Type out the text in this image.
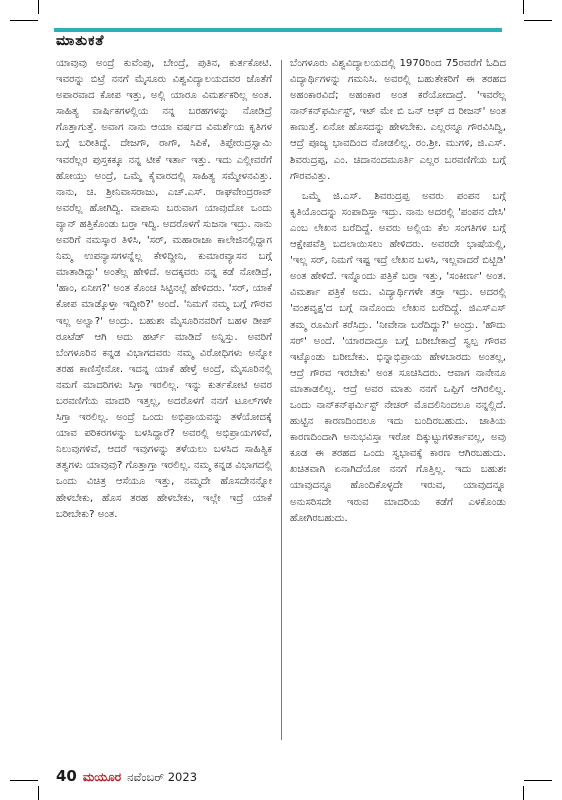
ಮಾತುಕತೆ

ಯಾವುವು ಅಂದ್ರೆ ಕುವೆಂಪು, ಬೇಂದ್ರೆ, ಪುತಿನ, ಕುರ್ತಕೋಟಿ. ಇವರನ್ನು ಬಿಟ್ರೆ ನನಗೆ ಮೈಸೂರು ವಿಶ್ವವಿದ್ಯಾಲಯದವರ ಜೊತೆಗೆ ಅಪಾರವಾದ ಕೋಪ ಇತ್ತು, ಅಲ್ಲಿ ಯಾರೂ ವಿಮರ್ಶಕರಿಲ್ಲ ಅಂತ. ಸಾಹಿತ್ಯ ವಾರ್ಷಿಕಗಳಲ್ಲಿಯ ನನ್ನ ಬರಹಗಳನ್ನು ನೋಡಿದ್ರೆ ಗೊತ್ತಾಗುತ್ತೆ. ಅವಾಗ ನಾನು ಆಯಾ ವರ್ಷದ ವಿಮರ್ಶೆಯ ಕೃತಿಗಳ ಬಗ್ಗೆ ಬರೀತಿದ್ದೆ. ದೇಜಗೌ, ರಾಗೌ, ಸಿಪಿಕೆ, ತಿಪ್ಪೇರುದ್ರಸ್ವಾಮಿ ಇವರೆಲ್ಲರ ಪುಸ್ತಕಕ್ಕೂ ನನ್ನ ಟೀಕೆ ಇರ್ತಾ ಇತ್ತು. ಇದು ಎಲ್ಲೀವರೆಗೆ ಹೋಯ್ತು ಅಂದ್ರೆ, ಒಮ್ಮೆ ಕೈವಾರದಲ್ಲಿ ಸಾಹಿತ್ಯ ಸಮ್ಮೇಳನವಿತ್ತು. ನಾನು, ಚಿ. ಶ್ರೀನಿವಾಸರಾಜು, ಎಚ್.ಎಸ್. ರಾಘವೇಂದ್ರರಾವ್ ಅವರೆಲ್ಲ ಹೋಗಿದ್ವಿ. ವಾಪಾಸು ಬರುವಾಗ ಯಾವುದೋ ಒಂದು ವ್ಯಾನ್ ಹತ್ತಿಕೊಂಡು ಬರ್‍ತಾ ಇದ್ವಿ. ಅದರೊಳಗೆ ಸುಜನಾ ಇದ್ರು. ನಾನು ಅವರಿಗೆ ನಮಸ್ಕಾರ ತಿಳಿಸಿ, 'ಸರ್, ಮಹಾರಾಜಾ ಕಾಲೇಜಿನಲ್ಲಿದ್ದಾಗ ನಿಮ್ಮ ಉಪನ್ಯಾಸಗಳನ್ನೆಲ್ಲ ಕೇಳಿದ್ದೀನಿ, ಕುಮಾರವ್ಯಾಸನ ಬಗ್ಗೆ ಮಾತಾಡಿದ್ದು' ಅಂತೆಲ್ಲ ಹೇಳಿದೆ. ಅದಕ್ಕವರು ನನ್ನ ಕಡೆ ನೋಡಿದ್ರೆ, 'ಹಾಂ, ಏನೀಗ?' ಅಂತ ಕೊಂಚ ಸಿಟ್ಟಿನಲ್ಲೆ ಹೇಳಿದರು. 'ಸರ್, ಯಾಕೆ ಕೋಪ ಮಾಡ್ಕೊಳ್ತಾ ಇದ್ದೀರಿ?' ಅಂದೆ. 'ನಿಮಗೆ ನಮ್ಮ ಬಗ್ಗೆ ಗೌರವ ಇಲ್ಲ ಅಲ್ವಾ?' ಅಂದ್ರು. ಬಹುಶಃ ಮೈಸೂರಿನವರಿಗೆ ಬಹಳ ಡೀಪ್ ರೂಟೆಡ್ ಆಗಿ ಅದು ಹರ್ಟ್ ಮಾಡಿದೆ ಅನ್ನಿಸ್ತು. ಅವರಿಗೆ ಬೆಂಗಳೂರಿನ ಕನ್ನಡ ವಿಭಾಗದವರು ನಮ್ಮ ವಿರೋಧಿಗಳು ಅನ್ನೋ ತರಹ ಕಾಣಿಸ್ತೇನೋ. ಇದನ್ನ ಯಾಕೆ ಹೇಳ್ತೆ ಅಂದ್ರೆ, ಮೈಸೂರಿನಲ್ಲಿ ನಮಗೆ ಮಾದರಿಗಳು ಸಿಗ್ತಾ ಇರಲಿಲ್ಲ. ಇನ್ನು ಕುರ್ತಕೋಟಿ ಅವರ ಬರವಣಿಗೆಯ ಮಾದರಿ ಇತ್ತಲ್ಲ, ಅದರೊಳಗೆ ನನಗೆ ಟೂಲ್‌ಗಳೇ ಸಿಗ್ತಾ ಇರಲಿಲ್ಲ. ಅಂದ್ರೆ ಒಂದು ಅಭಿಪ್ರಾಯವನ್ನು ತಳೆಯೋದಕ್ಕೆ ಯಾವ ಪರಿಕರಗಳನ್ನು ಬಳಸಿದ್ದಾರೆ? ಅವರಲ್ಲಿ ಅಭಿಪ್ರಾಯಗಳಿವೆ, ನಿಲುವುಗಳಿವೆ, ಆದರೆ ಇವುಗಳನ್ನು ತಳೆಯಲು ಬಳಸಿದ ಸಾಹಿತ್ಯಿಕ ತತ್ವಗಳು ಯಾವುವು? ಗೊತ್ತಾಗ್ತಾ ಇರಲಿಲ್ಲ. ನಮ್ಮ ಕನ್ನಡ ವಿಭಾಗದಲ್ಲಿ ಒಂದು ವಿಚಿತ್ರ ಆಸೆಯೂ ಇತ್ತು, ನಮ್ಮದೇ ಹೊಸದೇನನ್ನೋ ಹೇಳಬೇಕು, ಹೊಸ ತರಹ ಹೇಳಬೇಕು, ಇಲ್ಲೇ ಇದ್ರೆ ಯಾಕೆ ಬರೀಬೇಕು? ಅಂತ.

ಬೆಂಗಳೂರು ವಿಶ್ವವಿದ್ಯಾಲಯದಲ್ಲಿ 1970ರಿಂದ 75ರವರೆಗೆ ಓದಿದ ವಿದ್ಯಾರ್ಥಿಗಳನ್ನು ಗಮನಿಸಿ. ಅವರಲ್ಲಿ ಬಹುತೇಕರಿಗೆ ಈ ತರಹದ ಅಹಂಕಾರವಿದೆ; ಅಹಂಕಾರ ಅಂತ ಕರೆಯೋದಾದ್ರೆ. 'ಇವರೆಲ್ಲ ನಾನ್‌ಕನ್‌ಫರ್ಮಿಸ್ಟ್, ಇಟ್ ಮೇ ಬಿ ಒನ್ ಆಫ್ ದ ರೀಜನ್' ಅಂತ ಕಾಣುತ್ತೆ. ಏನೋ ಹೊಸದನ್ನು ಹೇಳಬೇಕು. ಎಲ್ಲರನ್ನೂ ಗೌರವಿಸಿದ್ವಿ, ಆದ್ರೆ ಪೂಜ್ಯ ಭಾವದಿಂದ ನೋಡಲಿಲ್ಲ. ರಂ.ಶ್ರೀ. ಮುಗಳಿ, ಜಿ.ಎಸ್. ಶಿವರುದ್ರಪ್ಪ, ಎಂ. ಚಿದಾನಂದಮೂರ್ತಿ ಎಲ್ಲರ ಬರವಣಿಗೆಯ ಬಗ್ಗೆ ಗೌರವವಿತ್ತು.

ಒಮ್ಮೆ ಜಿ.ಎಸ್. ಶಿವರುದ್ರಪ್ಪ ಅವರು ಪಂಪನ ಬಗ್ಗೆ ಕೃತಿಯೊಂದನ್ನು ಸಂಪಾದಿಸ್ತಾ ಇದ್ರು. ನಾನು ಅದರಲ್ಲಿ 'ಪಂಪನ ದೇಸಿ' ಎಂಬ ಲೇಖನ ಬರೆದಿದ್ದೆ. ಅವರು ಅಲ್ಲಿಯ ಕೆಲ ಸಂಗತಿಗಳ ಬಗ್ಗೆ ಆಕ್ಷೇಪವೆತ್ತಿ ಬದಲಾಯಿಸಲು ಹೇಳಿದರು. ಅವರದೇ ಭಾಷೆಯಲ್ಲಿ, 'ಇಲ್ಲ ಸರ್, ನಿಮಗೆ ಇಷ್ಟ ಇದ್ರೆ ಲೇಖನ ಬಳಸಿ, ಇಲ್ಲವಾದರೆ ಬಿಟ್ಬಿಡಿ' ಅಂತ ಹೇಳಿದೆ. ಇನ್ನೊಂದು ಪತ್ರಿಕೆ ಬರ್‍ತಾ ಇತ್ತು, 'ಸಂಕೀರ್ಣ' ಅಂತ. ವಿಮರ್ಶಾ ಪತ್ರಿಕೆ ಅದು. ವಿದ್ಯಾರ್ಥಿಗಳೇ ತರ್‍ತಾ ಇದ್ರು. ಅದರಲ್ಲಿ 'ವಂಶವೃಕ್ಷ'ದ ಬಗ್ಗೆ ನಾನೊಂದು ಲೇಖನ ಬರೆದಿದ್ದೆ. ಜಿಎಸ್‌ಎಸ್ ತಮ್ಮ ರೂಮಿಗೆ ಕರೆಸಿದ್ರು. 'ನೀವೇನಾ ಬರೆದಿದ್ದು?' ಅಂದ್ರು. 'ಹೌದು ಸರ್' ಅಂದೆ. 'ಯಾರದಾದ್ರೂ ಬಗ್ಗೆ ಬರೀಬೇಕಾದ್ರೆ ಸ್ವಲ್ಪ ಗೌರವ ಇಟ್ಕೊಂಡು ಬರೀಬೇಕು. ಭಿನ್ನಾಭಿಪ್ರಾಯ ಹೇಳಬಾರದು ಅಂತಲ್ಲ, ಆದ್ರೆ ಗೌರವ ಇರಬೇಕು' ಅಂತ ಸೂಚಿಸಿದರು. ಆವಾಗ ನಾನೇನೂ ಮಾತಾಡಲಿಲ್ಲ. ಆದ್ರೆ ಅವರ ಮಾತು ನನಗೆ ಒಪ್ಪಿಗೆ ಆಗಿರಲಿಲ್ಲ. ಒಂದು ನಾನ್‌ಕನ್‌ಫರ್ಮಿಸ್ಟ್ ನೇಚರ್ ಮೊದಲಿನಿಂದಲೂ ನನ್ನಲ್ಲಿದೆ. ಹುಟ್ಟಿನ ಕಾರಣದಿಂದಲೂ ಇದು ಬಂದಿರಬಹುದು. ಜಾತಿಯ ಕಾರಣದಿಂದಾಗಿ ಅನುಭವಿಸ್ತಾ ಇರೋ ದಿಕ್ಕುಟ್ಟುಗಳಿರ್ತಾವಲ್ಲ, ಅವು ಕೂಡ ಈ ತರಹದ ಒಂದು ಸ್ವಭಾವಕ್ಕೆ ಕಾರಣ ಆಗಿರಬಹುದು. ಖಚಿತವಾಗಿ ಏನಾಗಿದೆಯೋ ನನಗೆ ಗೊತ್ತಿಲ್ಲ. ಇದು ಬಹುಶಃ ಯಾವುದನ್ನೂ ಹೊಂದಿಕೊಳ್ಳದೇ ಇರುವ, ಯಾವುದನ್ನೂ ಅನುಸರಿಸದೇ ಇರುವ ಮಾದರಿಯ ಕಡೆಗೆ ಎಳಕೊಂಡು ಹೋಗಿರಬಹುದು.

40 ಮಯೂರ ನವೆಂಬರ್ 2023
